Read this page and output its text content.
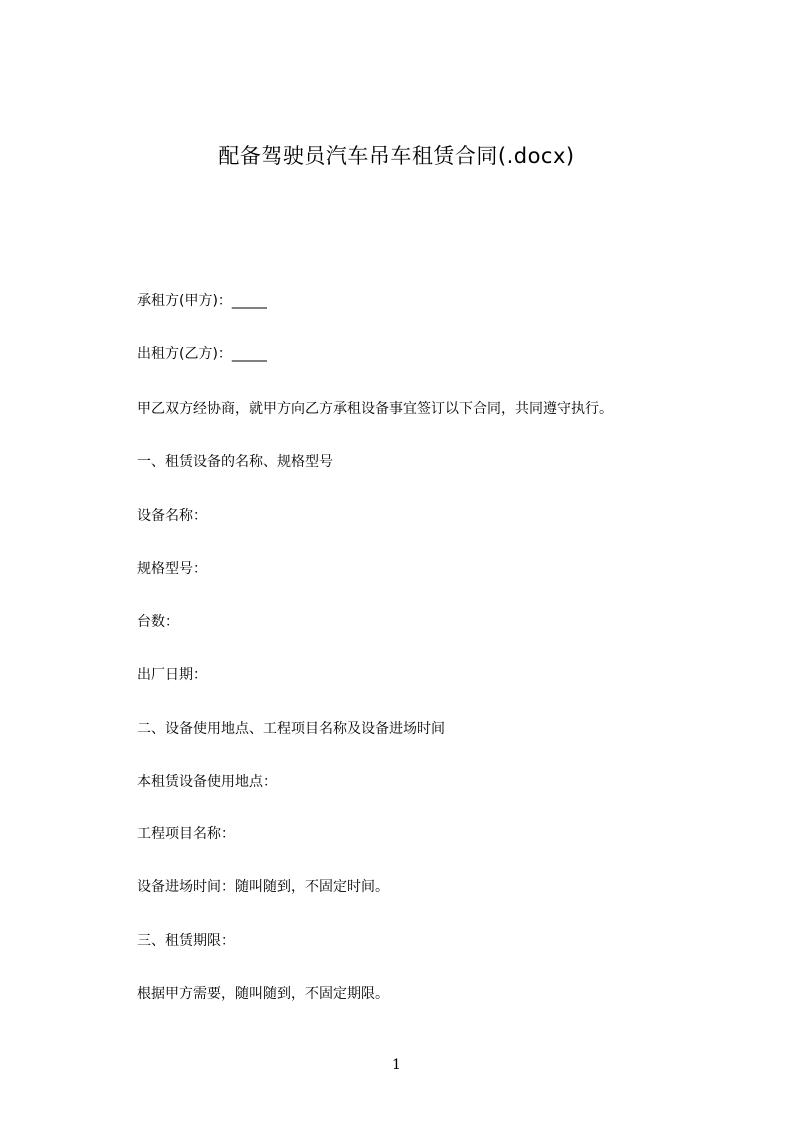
配备驾驶员汽车吊车租赁合同(.docx)
承租方(甲方)：_____
出租方(乙方)：_____
甲乙双方经协商，就甲方向乙方承租设备事宜签订以下合同，共同遵守执行。
一、租赁设备的名称、规格型号
设备名称：
规格型号：
台数：
出厂日期：
二、设备使用地点、工程项目名称及设备进场时间
本租赁设备使用地点：
工程项目名称：
设备进场时间：随叫随到，不固定时间。
三、租赁期限：
根据甲方需要，随叫随到，不固定期限。
1
